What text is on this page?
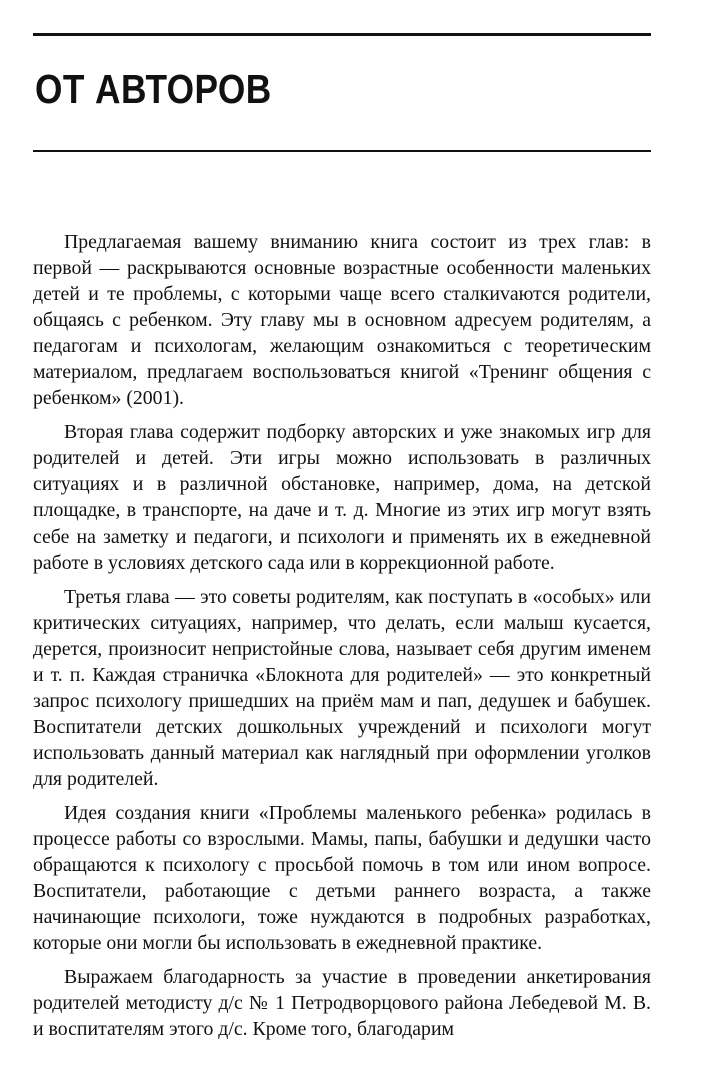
ОТ АВТОРОВ

Предлагаемая вашему вниманию книга состоит из трех глав: в первой — раскрываются основные возрастные особенности маленьких детей и те проблемы, с которыми чаще всего сталкиvаются родители, общаясь с ребенком. Эту главу мы в основном адресуем родителям, а педагогам и психологам, желающим ознакомиться с теоретическим материалом, предлагаем воспользоваться книгой «Тренинг общения с ребенком» (2001).

Вторая глава содержит подборку авторских и уже знакомых игр для родителей и детей. Эти игры можно использовать в различных ситуациях и в различной обстановке, например, дома, на детской площадке, в транспорте, на даче и т. д. Многие из этих игр могут взять себе на заметку и педагоги, и психологи и применять их в ежедневной работе в условиях детского сада или в коррекционной работе.

Третья глава — это советы родителям, как поступать в «особых» или критических ситуациях, например, что делать, если малыш кусается, дерется, произносит непристойные слова, называет себя другим именем и т. п. Каждая страничка «Блокнота для родителей» — это конкретный запрос психологу пришедших на приём мам и пап, дедушек и бабушек. Воспитатели детских дошкольных учреждений и психологи могут использовать данный материал как наглядный при оформлении уголков для родителей.

Идея создания книги «Проблемы маленького ребенка» родилась в процессе работы со взрослыми. Мамы, папы, бабушки и дедушки часто обращаются к психологу с просьбой помочь в том или ином вопросе. Воспитатели, работающие с детьми раннего возраста, а также начинающие психологи, тоже нуждаются в подробных разработках, которые они могли бы использовать в ежедневной практике.

Выражаем благодарность за участие в проведении анкетирования родителей методисту д/с № 1 Петродворцового района Лебедевой М. В. и воспитателям этого д/с. Кроме того, благодарим
